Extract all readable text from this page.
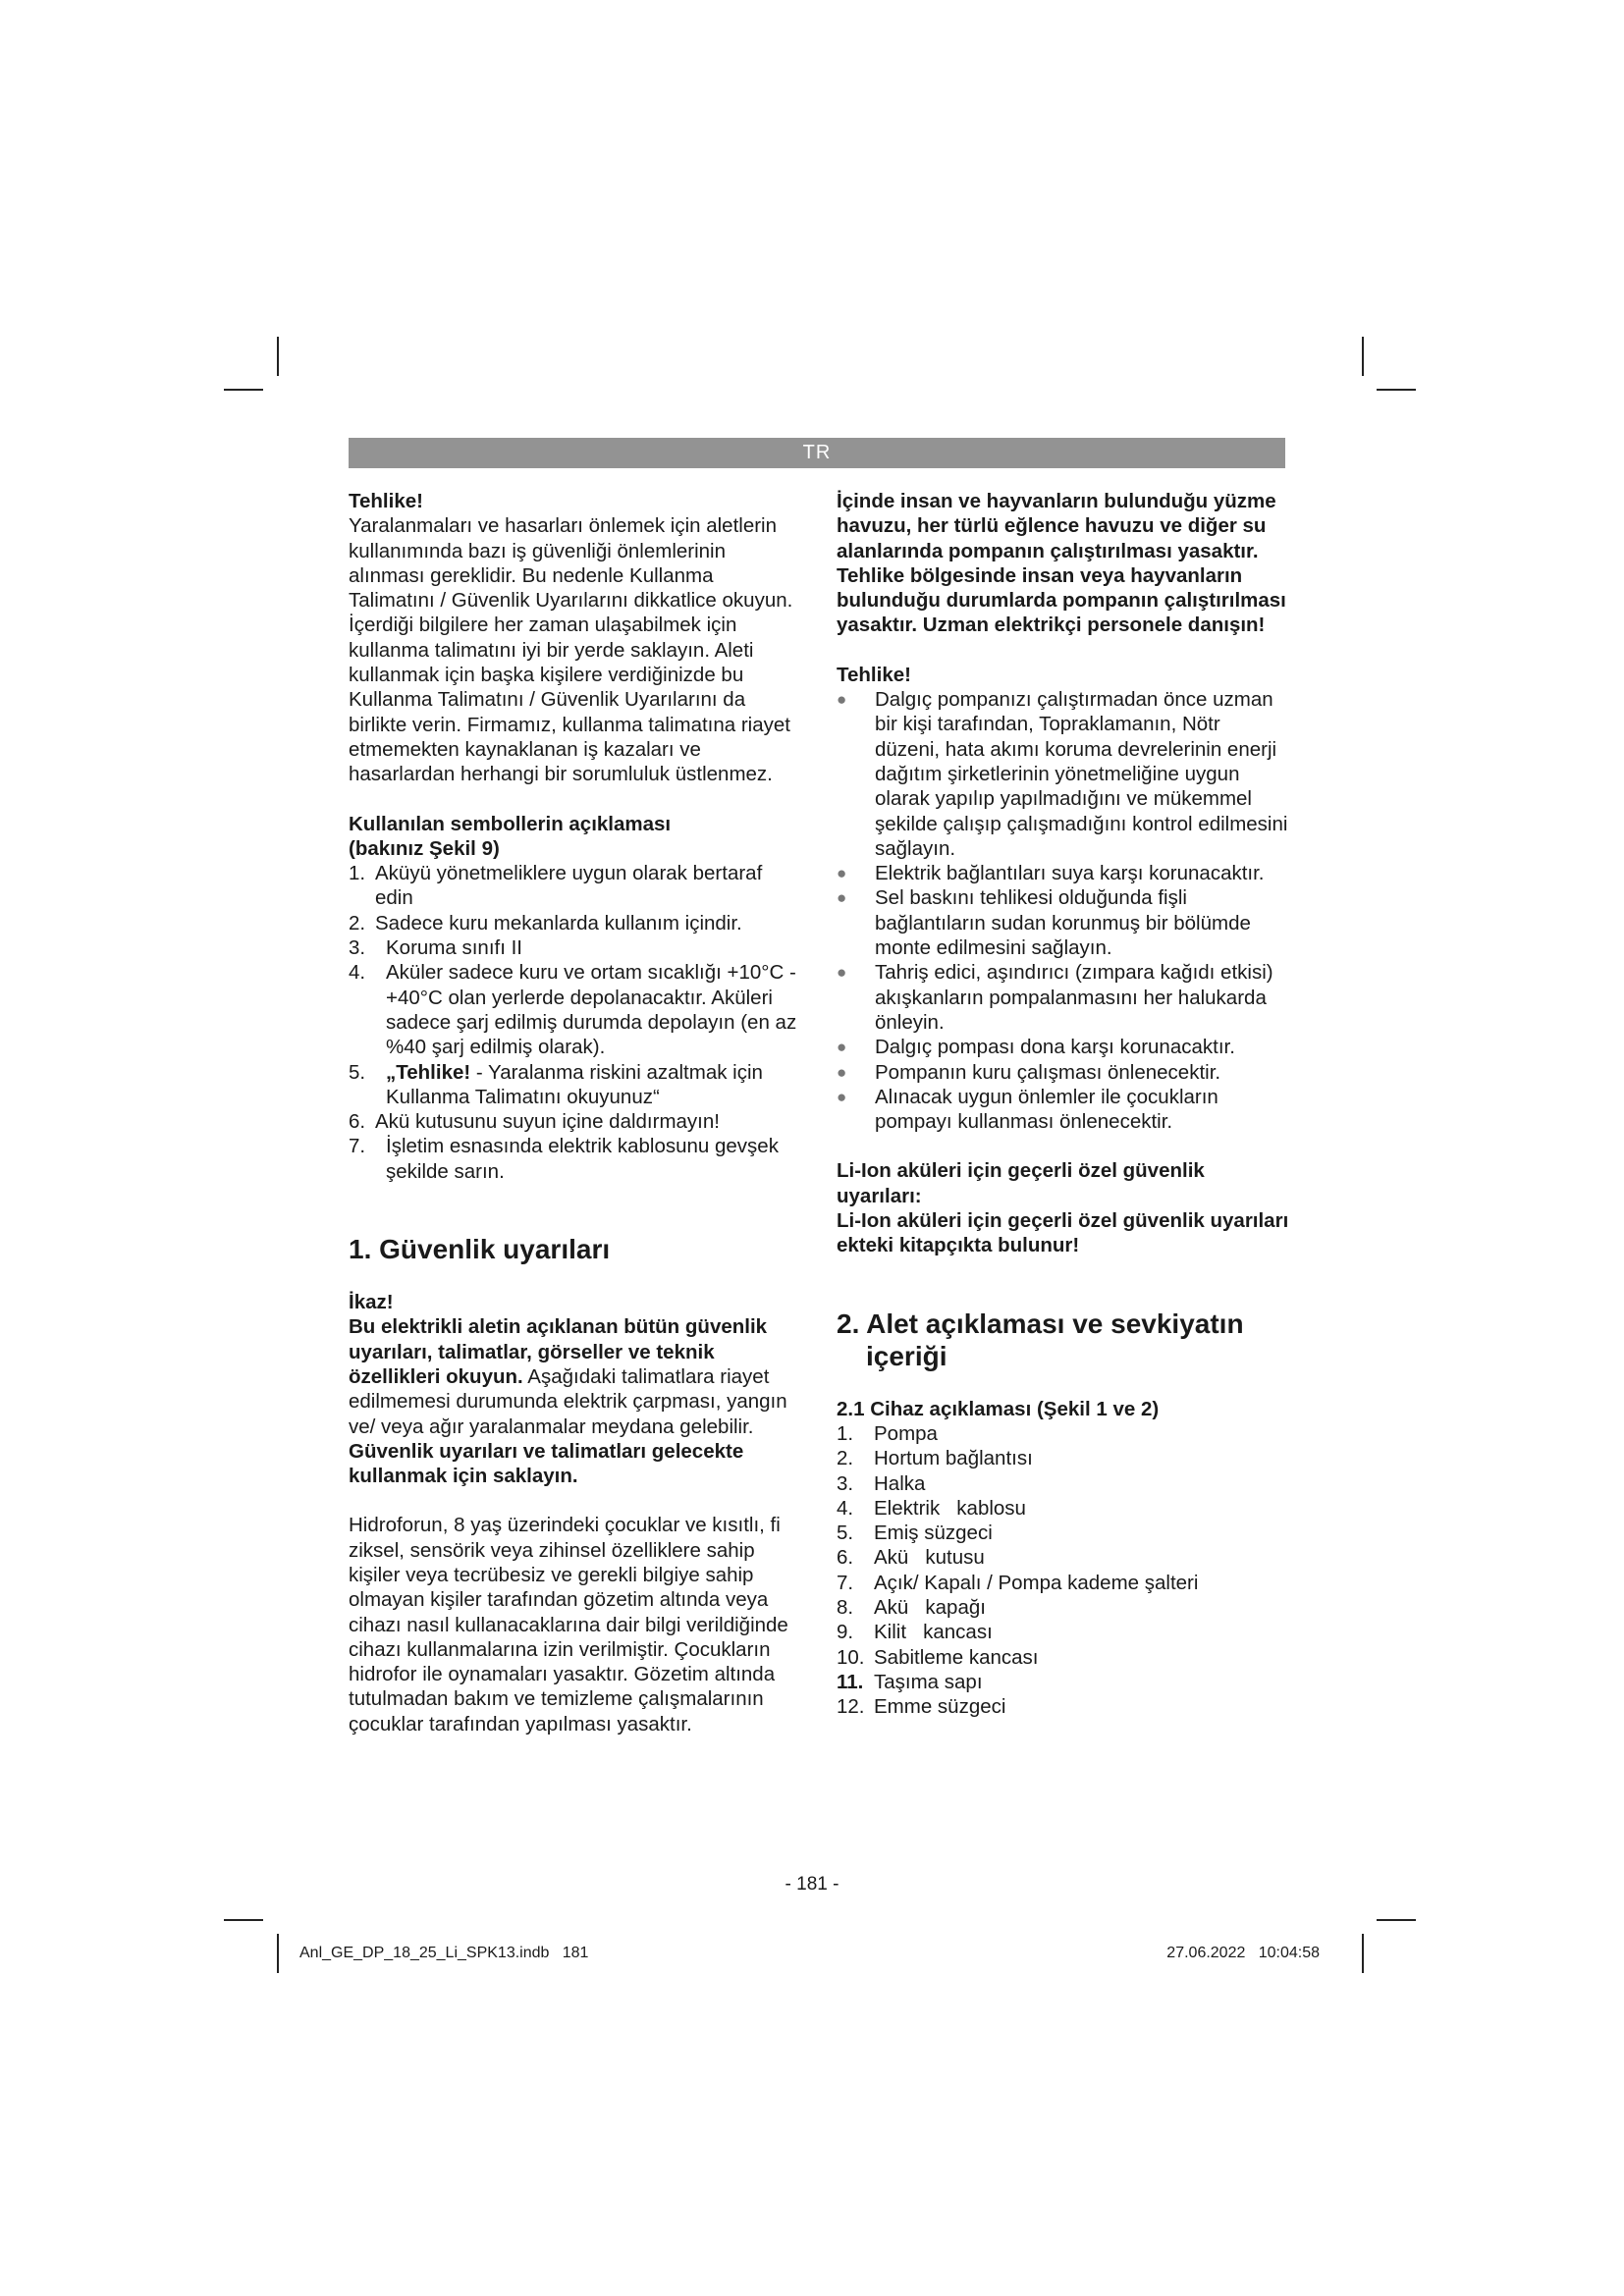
TR

Tehlike!

Yaralanmaları ve hasarları önlemek için aletlerin kullanımında bazı iş güvenliği önlemlerinin alınması gereklidir. Bu nedenle Kullanma Talimatını / Güvenlik Uyarılarını dikkatlice okuyun. İçerdiği bilgilere her zaman ulaşabilmek için kullanma talimatını iyi bir yerde saklayın. Aleti kullanmak için başka kişilere verdiğinizde bu Kullanma Talimatını / Güvenlik Uyarılarını da birlikte verin. Firmamız, kullanma talimatına riayet etmemekten kaynaklanan iş kazaları ve hasarlardan herhangi bir sorumluluk üstlenmez.

Kullanılan sembollerin açıklaması

(bakınız Şekil 9)

1. Aküyü yönetmeliklere uygun olarak bertaraf edin
2. Sadece kuru mekanlarda kullanım içindir.
3. Koruma sınıfı II
4. Aküler sadece kuru ve ortam sıcaklığı +10°C - +40°C olan yerlerde depolanacaktır. Aküleri sadece şarj edilmiş durumda depolayın (en az %40 şarj edilmiş olarak).
5. „Tehlike! - Yaralanma riskini azaltmak için Kullanma Talimatını okuyunuz“
6. Akü kutusunu suyun içine daldırmayın!
7. İşletim esnasında elektrik kablosunu gevşek şekilde sarın.

1. Güvenlik uyarıları

İkaz!

Bu elektrikli aletin açıklanan bütün güvenlik uyarıları, talimatlar, görseller ve teknik özellikleri okuyun. Aşağıdaki talimatlara riayet edilmemesi durumunda elektrik çarpması, yangın ve/ veya ağır yaralanmalar meydana gelebilir. Güvenlik uyarıları ve talimatları gelecekte kullanmak için saklayın.

Hidroforun, 8 yaş üzerindeki çocuklar ve kısıtlı, fi ziksel, sensörik veya zihinsel özelliklere sahip kişiler veya tecrübesiz ve gerekli bilgiye sahip olmayan kişiler tarafından gözetim altında veya cihazı nasıl kullanacaklarına dair bilgi verildiğinde cihazı kullanmalarına izin verilmiştir. Çocukların hidrofor ile oynamaları yasaktır. Gözetim altında tutulmadan bakım ve temizleme çalışmalarının çocuklar tarafından yapılması yasaktır.

İçinde insan ve hayvanların bulunduğu yüzme havuzu, her türlü eğlence havuzu ve diğer su alanlarında pompanın çalıştırılması yasaktır. Tehlike bölgesinde insan veya hayvanların bulunduğu durumlarda pompanın çalıştırılması yasaktır. Uzman elektrikçi personele danışın!

Tehlike!

● Dalgıç pompanızı çalıştırmadan önce uzman bir kişi tarafından, Topraklamanın, Nötr düzeni, hata akımı koruma devrelerinin enerji dağıtım şirketlerinin yönetmeliğine uygun olarak yapılıp yapılmadığını ve mükemmel şekilde çalışıp çalışmadığını kontrol edilmesini sağlayın.
● Elektrik bağlantıları suya karşı korunacaktır.
● Sel baskını tehlikesi olduğunda fişli bağlantıların sudan korunmuş bir bölümde monte edilmesini sağlayın.
● Tahriş edici, aşındırıcı (zımpara kağıdı etkisi) akışkanların pompalanmasını her halukarda önleyin.
● Dalgıç pompası dona karşı korunacaktır.
● Pompanın kuru çalışması önlenecektir.
● Alınacak uygun önlemler ile çocukların pompayı kullanması önlenecektir.

Li-Ion aküleri için geçerli özel güvenlik uyarıları:

Li-Ion aküleri için geçerli özel güvenlik uyarıları ekteki kitapçıkta bulunur!

2. Alet açıklaması ve sevkiyatın içeriği

2.1 Cihaz açıklaması (Şekil 1 ve 2)

1. Pompa
2. Hortum bağlantısı
3. Halka
4. Elektrik   kablosu
5. Emiş süzgeci
6. Akü   kutusu
7. Açık/ Kapalı / Pompa kademe şalteri
8. Akü   kapağı
9. Kilit   kancası
10. Sabitleme kancası
11. Taşıma sapı
12. Emme süzgeci
- 181 -
Anl_GE_DP_18_25_Li_SPK13.indb   181	27.06.2022   10:04:58
